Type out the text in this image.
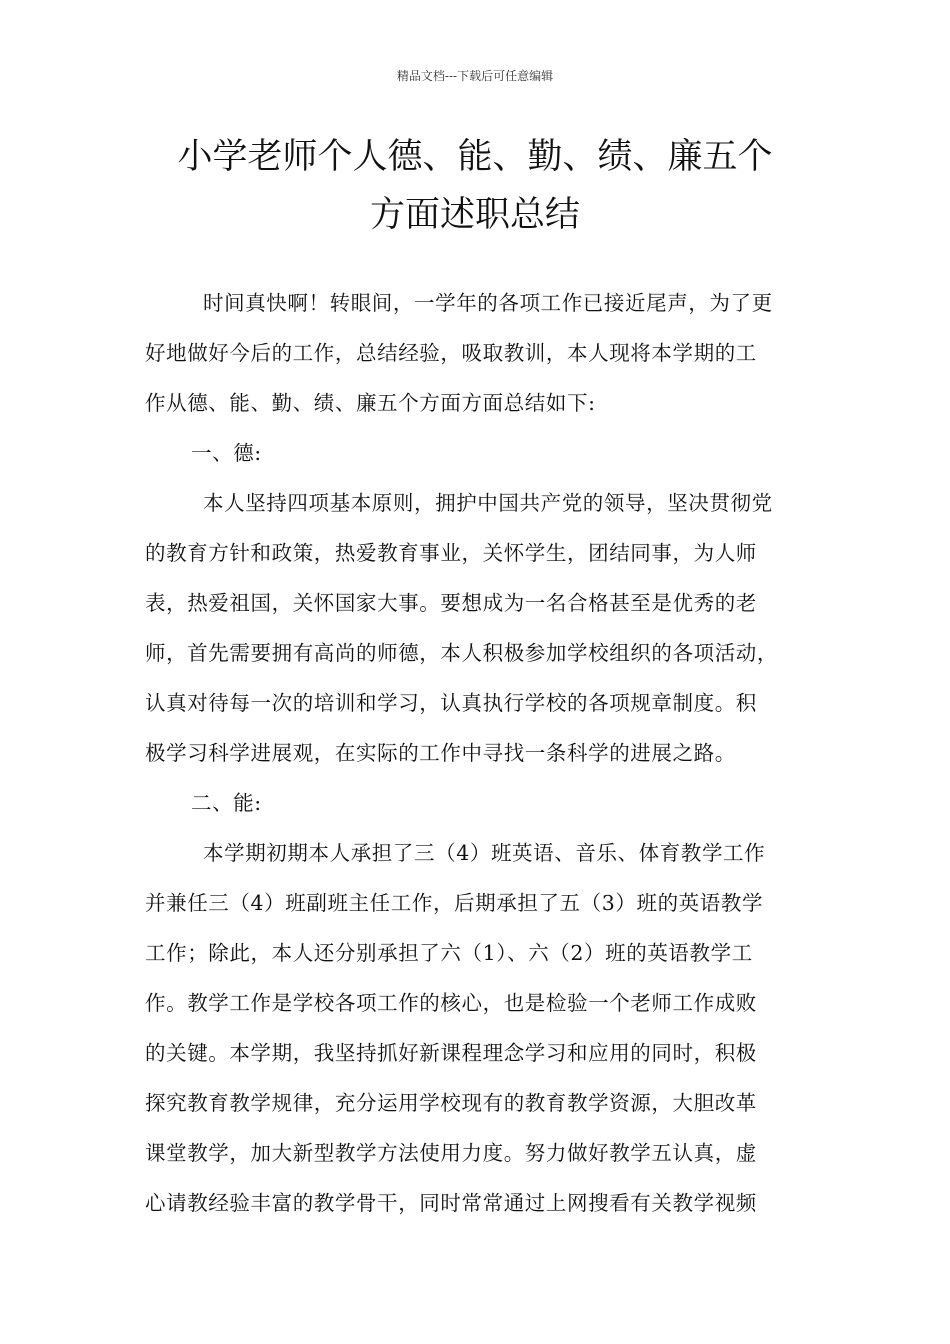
精品文档---下载后可任意编辑
小学老师个人德、能、勤、绩、廉五个
方面述职总结
时间真快啊！转眼间，一学年的各项工作已接近尾声，为了更
好地做好今后的工作，总结经验，吸取教训，本人现将本学期的工
作从德、能、勤、绩、廉五个方面方面总结如下:
一、德:
本人坚持四项基本原则，拥护中国共产党的领导，坚决贯彻党
的教育方针和政策，热爱教育事业，关怀学生，团结同事，为人师
表，热爱祖国，关怀国家大事。要想成为一名合格甚至是优秀的老
师，首先需要拥有高尚的师德，本人积极参加学校组织的各项活动，
认真对待每一次的培训和学习，认真执行学校的各项规章制度。积
极学习科学进展观，在实际的工作中寻找一条科学的进展之路。
二、能:
本学期初期本人承担了三（4）班英语、音乐、体育教学工作
并兼任三（4）班副班主任工作，后期承担了五（3）班的英语教学
工作；除此，本人还分别承担了六（1）、六（2）班的英语教学工
作。教学工作是学校各项工作的核心，也是检验一个老师工作成败
的关键。本学期，我坚持抓好新课程理念学习和应用的同时，积极
探究教育教学规律，充分运用学校现有的教育教学资源，大胆改革
课堂教学，加大新型教学方法使用力度。努力做好教学五认真，虚
心请教经验丰富的教学骨干，同时常常通过上网搜看有关教学视频
